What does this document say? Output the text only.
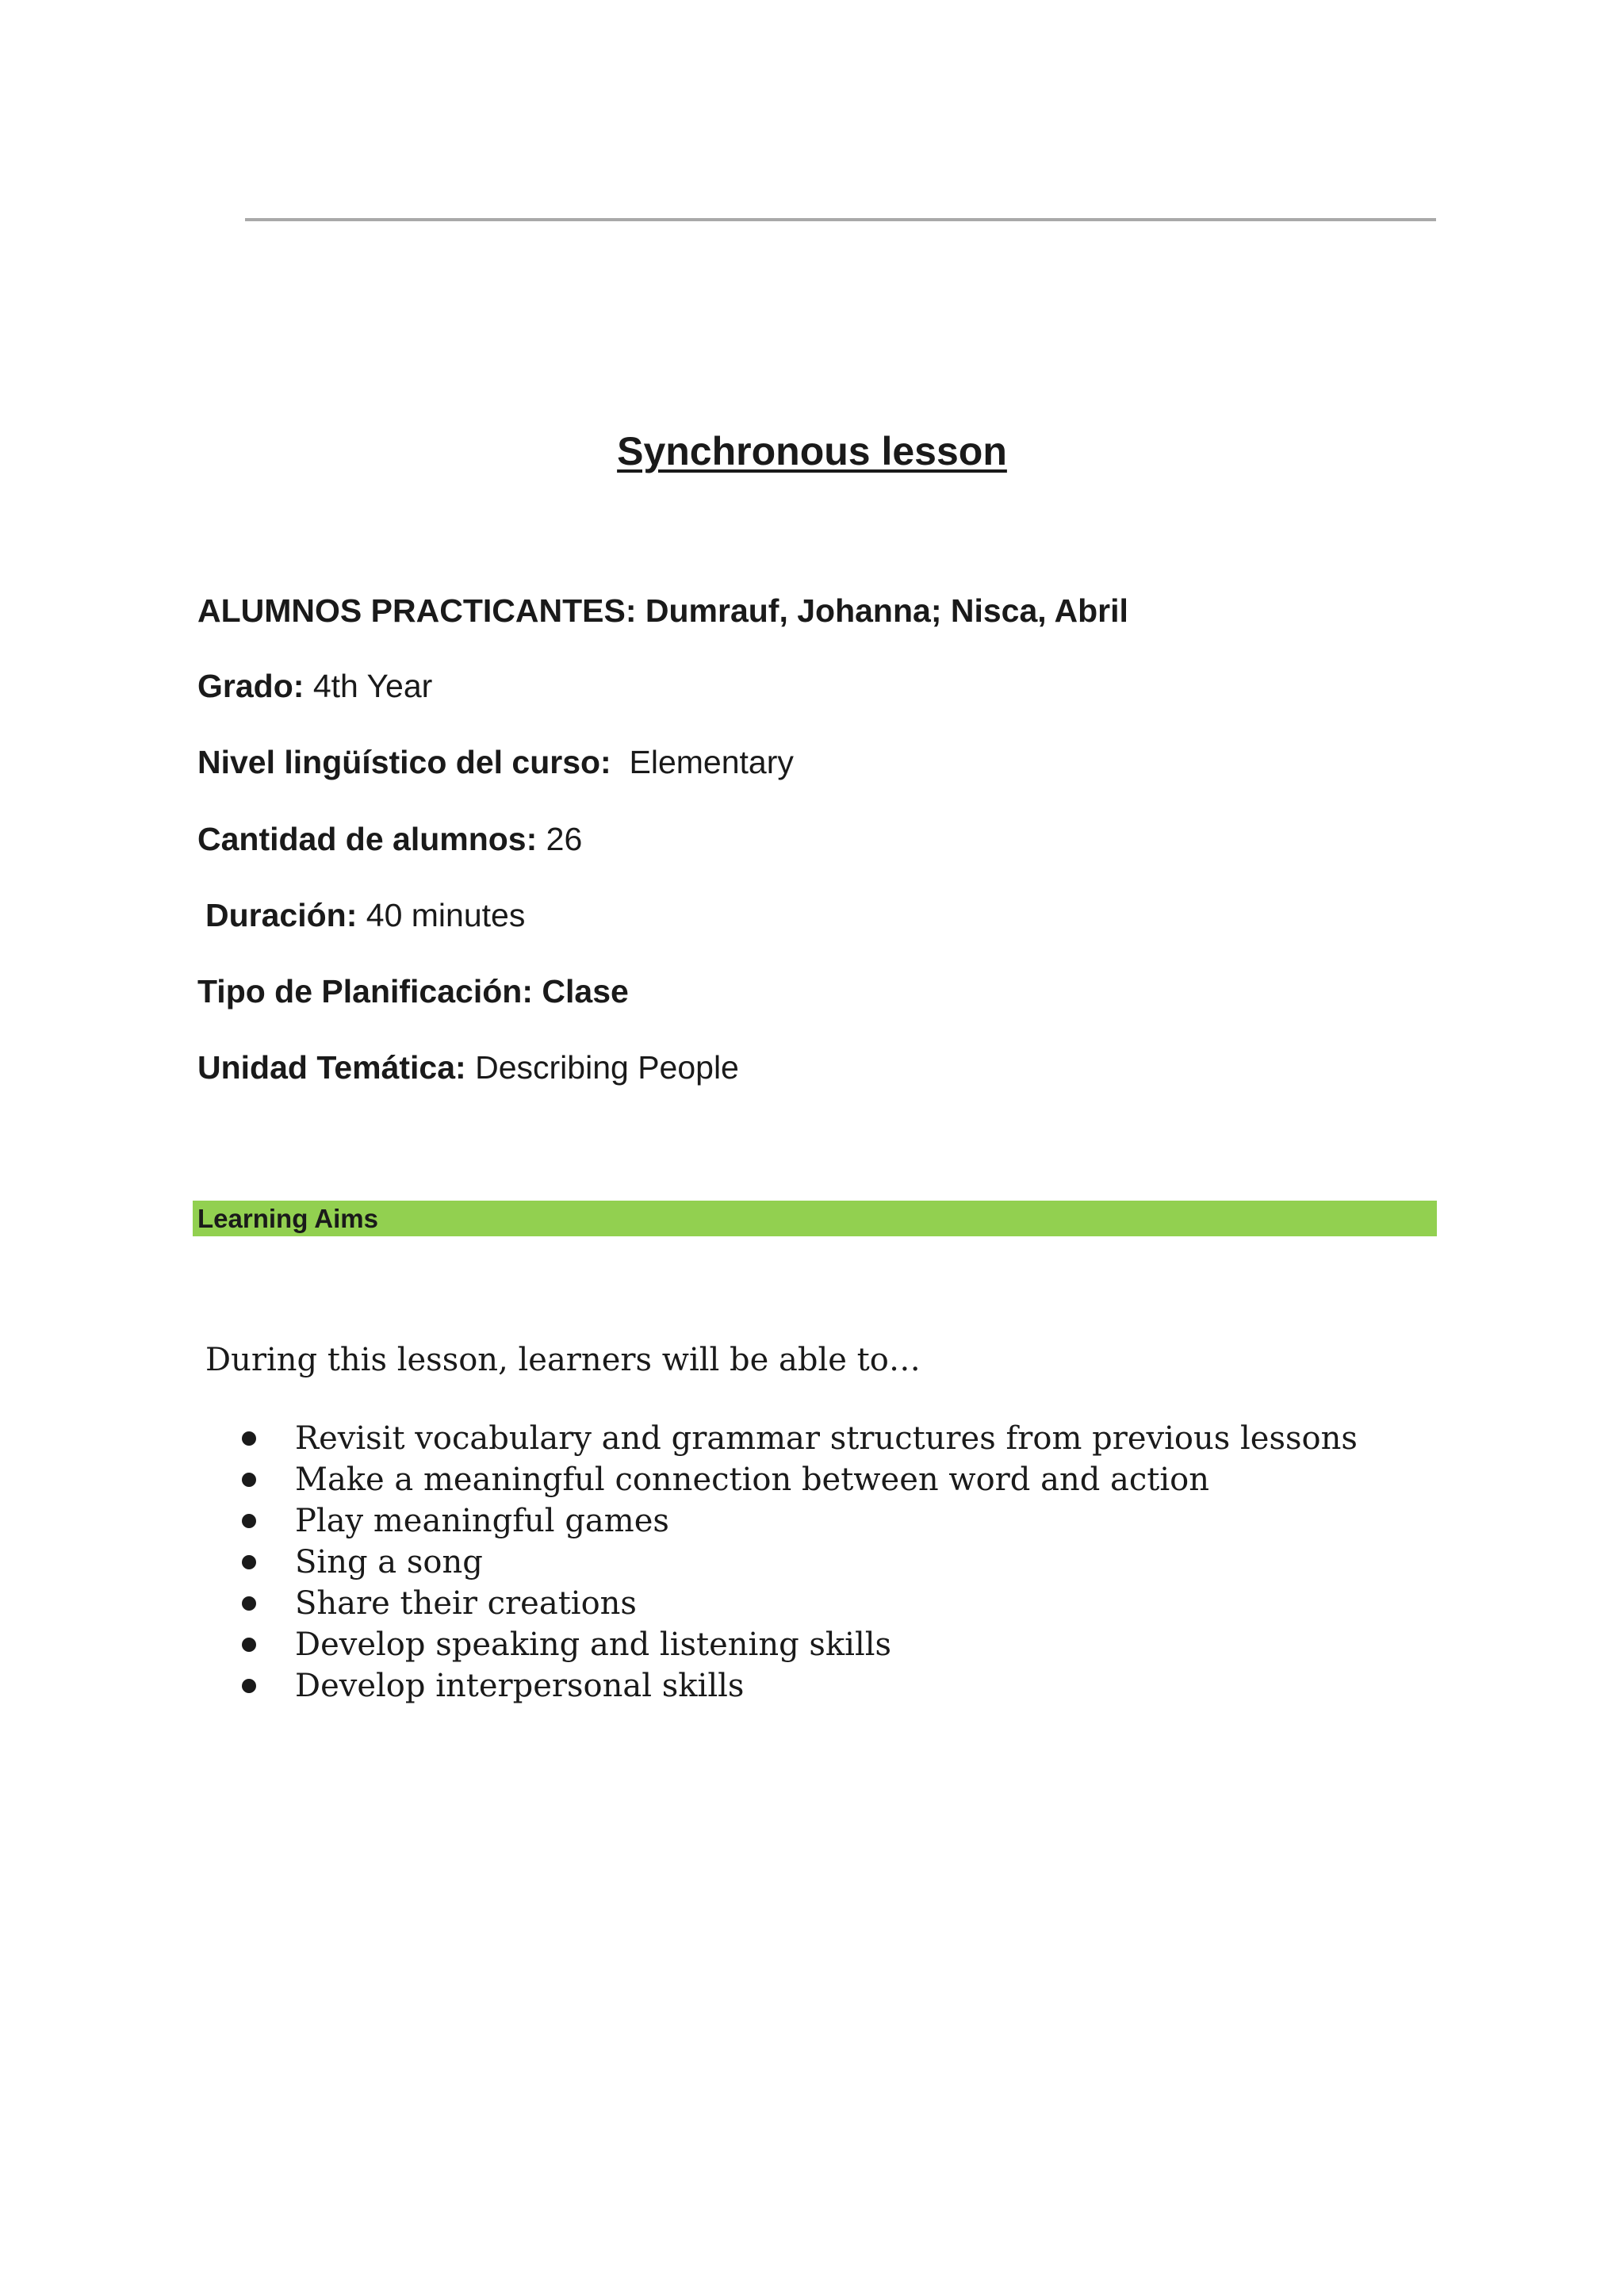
Synchronous lesson
ALUMNOS PRACTICANTES: Dumrauf, Johanna; Nisca, Abril
Grado: 4th Year
Nivel lingüístico del curso: Elementary
Cantidad de alumnos: 26
Duración: 40 minutes
Tipo de Planificación: Clase
Unidad Temática: Describing People
Learning Aims
During this lesson, learners will be able to…
Revisit vocabulary and grammar structures from previous lessons
Make a meaningful connection between word and action
Play meaningful games
Sing a song
Share their creations
Develop speaking and listening skills
Develop interpersonal skills
